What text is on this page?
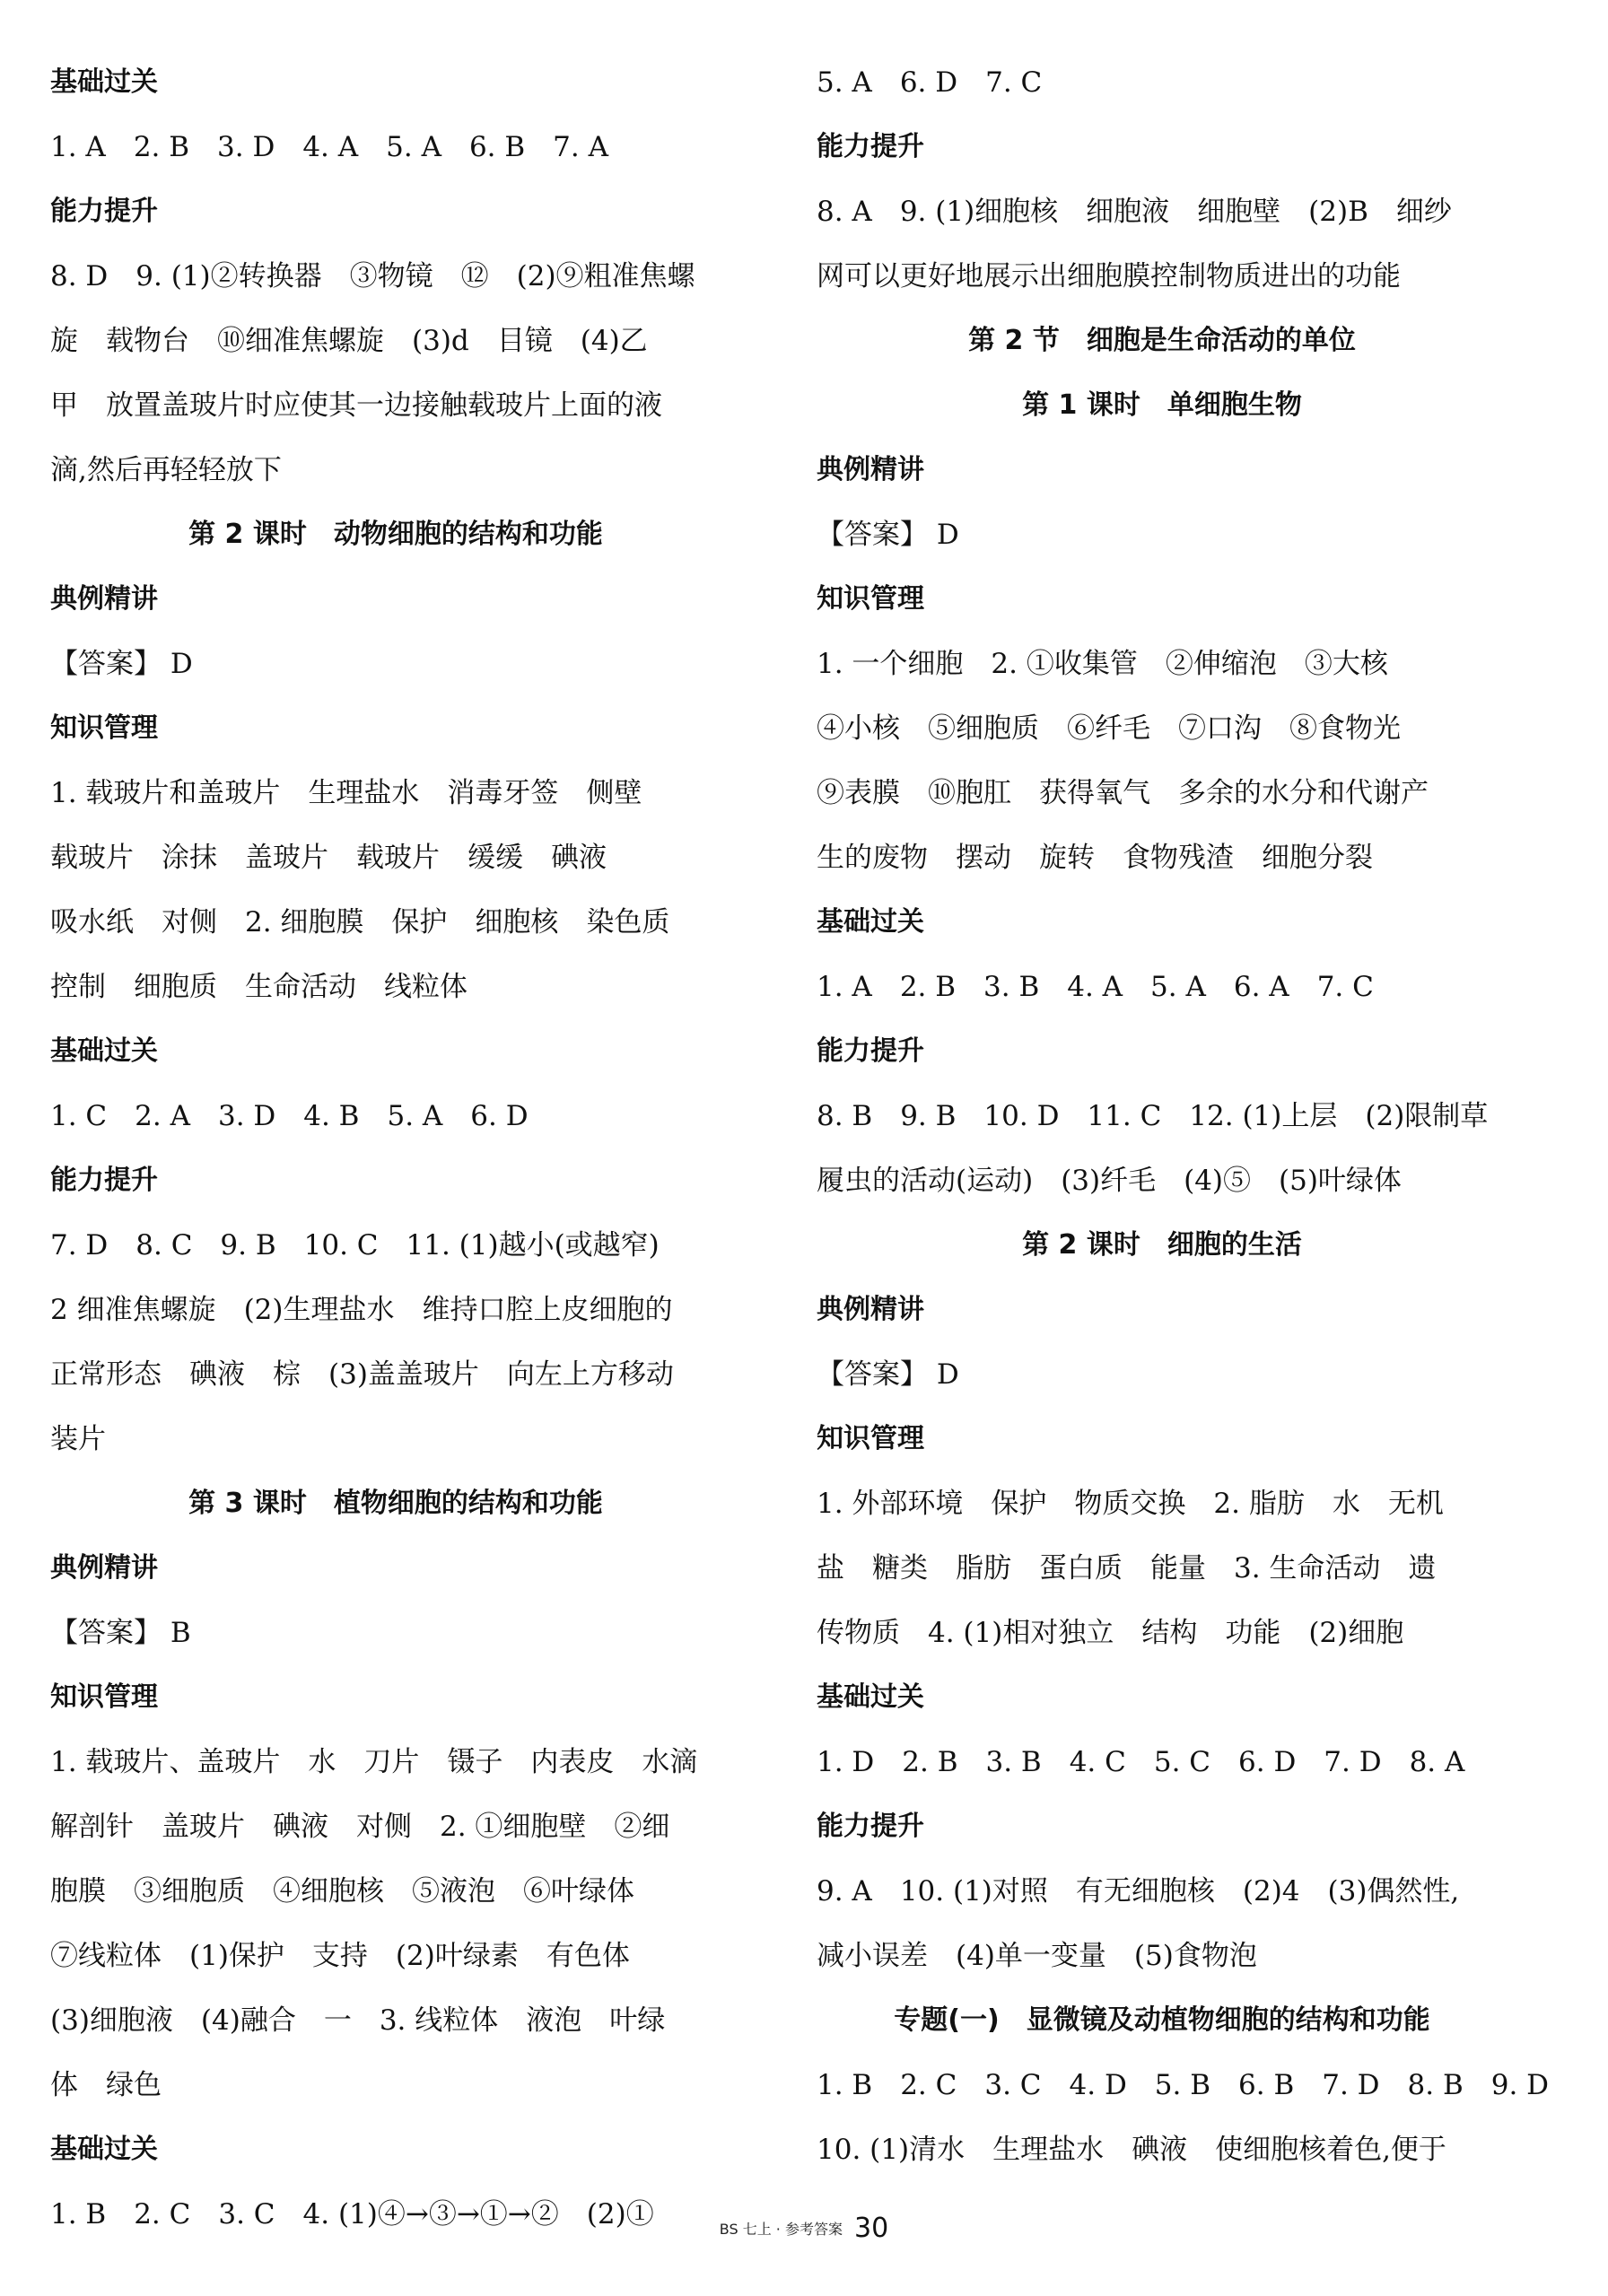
基础过关
1. A　2. B　3. D　4. A　5. A　6. B　7. A
能力提升
8. D　9. (1)②转换器　③物镜　⑫　(2)⑨粗准焦螺
旋　载物台　⑩细准焦螺旋　(3)d　目镜　(4)乙
甲　放置盖玻片时应使其一边接触载玻片上面的液
滴,然后再轻轻放下
第 2 课时　动物细胞的结构和功能
典例精讲
【答案】 D
知识管理
1. 载玻片和盖玻片　生理盐水　消毒牙签　侧壁
载玻片　涂抹　盖玻片　载玻片　缓缓　碘液
吸水纸　对侧　2. 细胞膜　保护　细胞核　染色质
控制　细胞质　生命活动　线粒体
基础过关
1. C　2. A　3. D　4. B　5. A　6. D
能力提升
7. D　8. C　9. B　10. C　11. (1)越小(或越窄)
2 细准焦螺旋　(2)生理盐水　维持口腔上皮细胞的
正常形态　碘液　棕　(3)盖盖玻片　向左上方移动
装片
第 3 课时　植物细胞的结构和功能
典例精讲
【答案】 B
知识管理
1. 载玻片、盖玻片　水　刀片　镊子　内表皮　水滴
解剖针　盖玻片　碘液　对侧　2. ①细胞壁　②细
胞膜　③细胞质　④细胞核　⑤液泡　⑥叶绿体
⑦线粒体　(1)保护　支持　(2)叶绿素　有色体
(3)细胞液　(4)融合　一　3. 线粒体　液泡　叶绿
体　绿色
基础过关
1. B　2. C　3. C　4. (1)④→③→①→②　(2)①
5. A　6. D　7. C
能力提升
8. A　9. (1)细胞核　细胞液　细胞壁　(2)B　细纱
网可以更好地展示出细胞膜控制物质进出的功能
第 2 节　细胞是生命活动的单位
第 1 课时　单细胞生物
典例精讲
【答案】 D
知识管理
1. 一个细胞　2. ①收集管　②伸缩泡　③大核
④小核　⑤细胞质　⑥纤毛　⑦口沟　⑧食物光
⑨表膜　⑩胞肛　获得氧气　多余的水分和代谢产
生的废物　摆动　旋转　食物残渣　细胞分裂
基础过关
1. A　2. B　3. B　4. A　5. A　6. A　7. C
能力提升
8. B　9. B　10. D　11. C　12. (1)上层　(2)限制草
履虫的活动(运动)　(3)纤毛　(4)⑤　(5)叶绿体
第 2 课时　细胞的生活
典例精讲
【答案】 D
知识管理
1. 外部环境　保护　物质交换　2. 脂肪　水　无机
盐　糖类　脂肪　蛋白质　能量　3. 生命活动　遗
传物质　4. (1)相对独立　结构　功能　(2)细胞
基础过关
1. D　2. B　3. B　4. C　5. C　6. D　7. D　8. A
能力提升
9. A　10. (1)对照　有无细胞核　(2)4　(3)偶然性,
减小误差　(4)单一变量　(5)食物泡
专题(一)　显微镜及动植物细胞的结构和功能
1. B　2. C　3. C　4. D　5. B　6. B　7. D　8. B　9. D
10. (1)清水　生理盐水　碘液　使细胞核着色,便于
BS 七上 · 参考答案 30
